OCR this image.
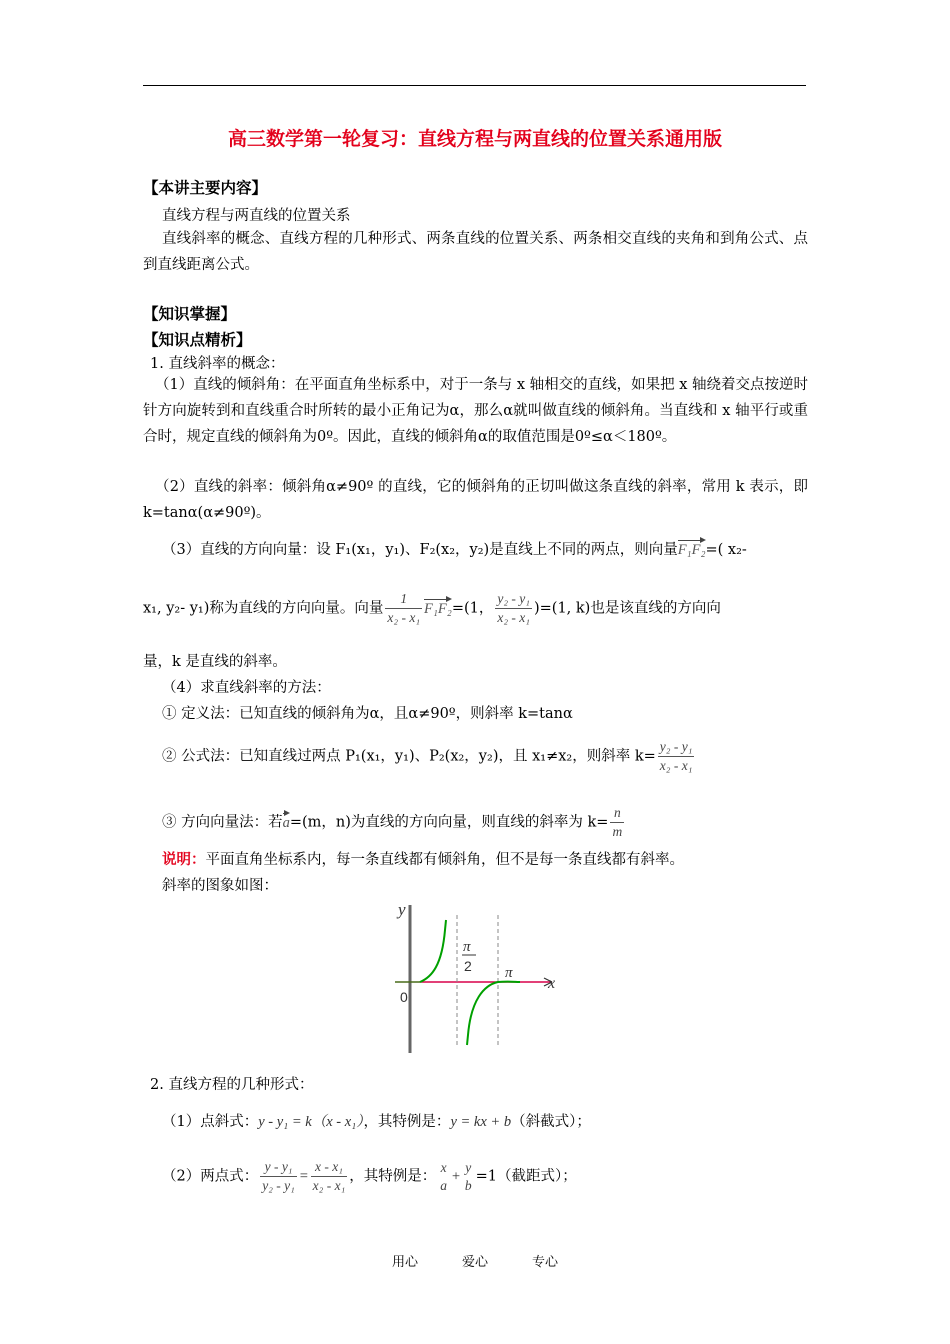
高三数学第一轮复习：直线方程与两直线的位置关系通用版
【本讲主要内容】
直线方程与两直线的位置关系
直线斜率的概念、直线方程的几种形式、两条直线的位置关系、两条相交直线的夹角和到角公式、点到直线距离公式。
【知识掌握】
【知识点精析】
1. 直线斜率的概念：
（1）直线的倾斜角：在平面直角坐标系中，对于一条与 x 轴相交的直线，如果把 x 轴绕着交点按逆时针方向旋转到和直线重合时所转的最小正角记为α，那么α就叫做直线的倾斜角。当直线和 x 轴平行或重合时，规定直线的倾斜角为0º。因此，直线的倾斜角α的取值范围是0º≤α＜180º。
（2）直线的斜率：倾斜角α≠90º 的直线，它的倾斜角的正切叫做这条直线的斜率，常用 k 表示，即 k=tanα(α≠90º)。
（3）直线的方向向量：设 F₁(x₁，y₁)、F₂(x₂，y₂)是直线上不同的两点，则向量F₁F₂=( x₂-
x₁, y₂- y₁)称为直线的方向向量。向量 $\frac{1}{\text{x₂ - x₁}} F_1F_2=(1$， $\frac{\text{y₂ - y₁}}{\text{x₂ - x₁}} )=(1$, k)也是该直线的方向向
量，k 是直线的斜率。
（4）求直线斜率的方法：
① 定义法：已知直线的倾斜角为α，且α≠90º，则斜率 k=tanα
② 公式法：已知直线过两点 P₁(x₁，y₁)、P₂(x₂，y₂)，且 x₁≠x₂，则斜率 $k= \frac{\text{y₂ - y₁}}{\text{x₂ - x₁}}$
③ 方向向量法：若a=(m，n)为直线的方向向量，则直线的斜率为 $k= \frac{n}{m}$
说明：平面直角坐标系内，每一条直线都有倾斜角，但不是每一条直线都有斜率。
斜率的图象如图：
y
x
0
π
2 π
2. 直线方程的几种形式：
（1）点斜式：y - y₁ = k（x - x₁），其特例是：y = kx + b（斜截式）；
（2）两点式： $\frac{\text{y - y₁}}{\text{y₂ - y₁}} = \frac{\text{x - x₁}}{\text{x₂ - x₁}}$ ，其特例是：
x
a
+
y
b
=1（截距式）；
用心	爱心	专心
